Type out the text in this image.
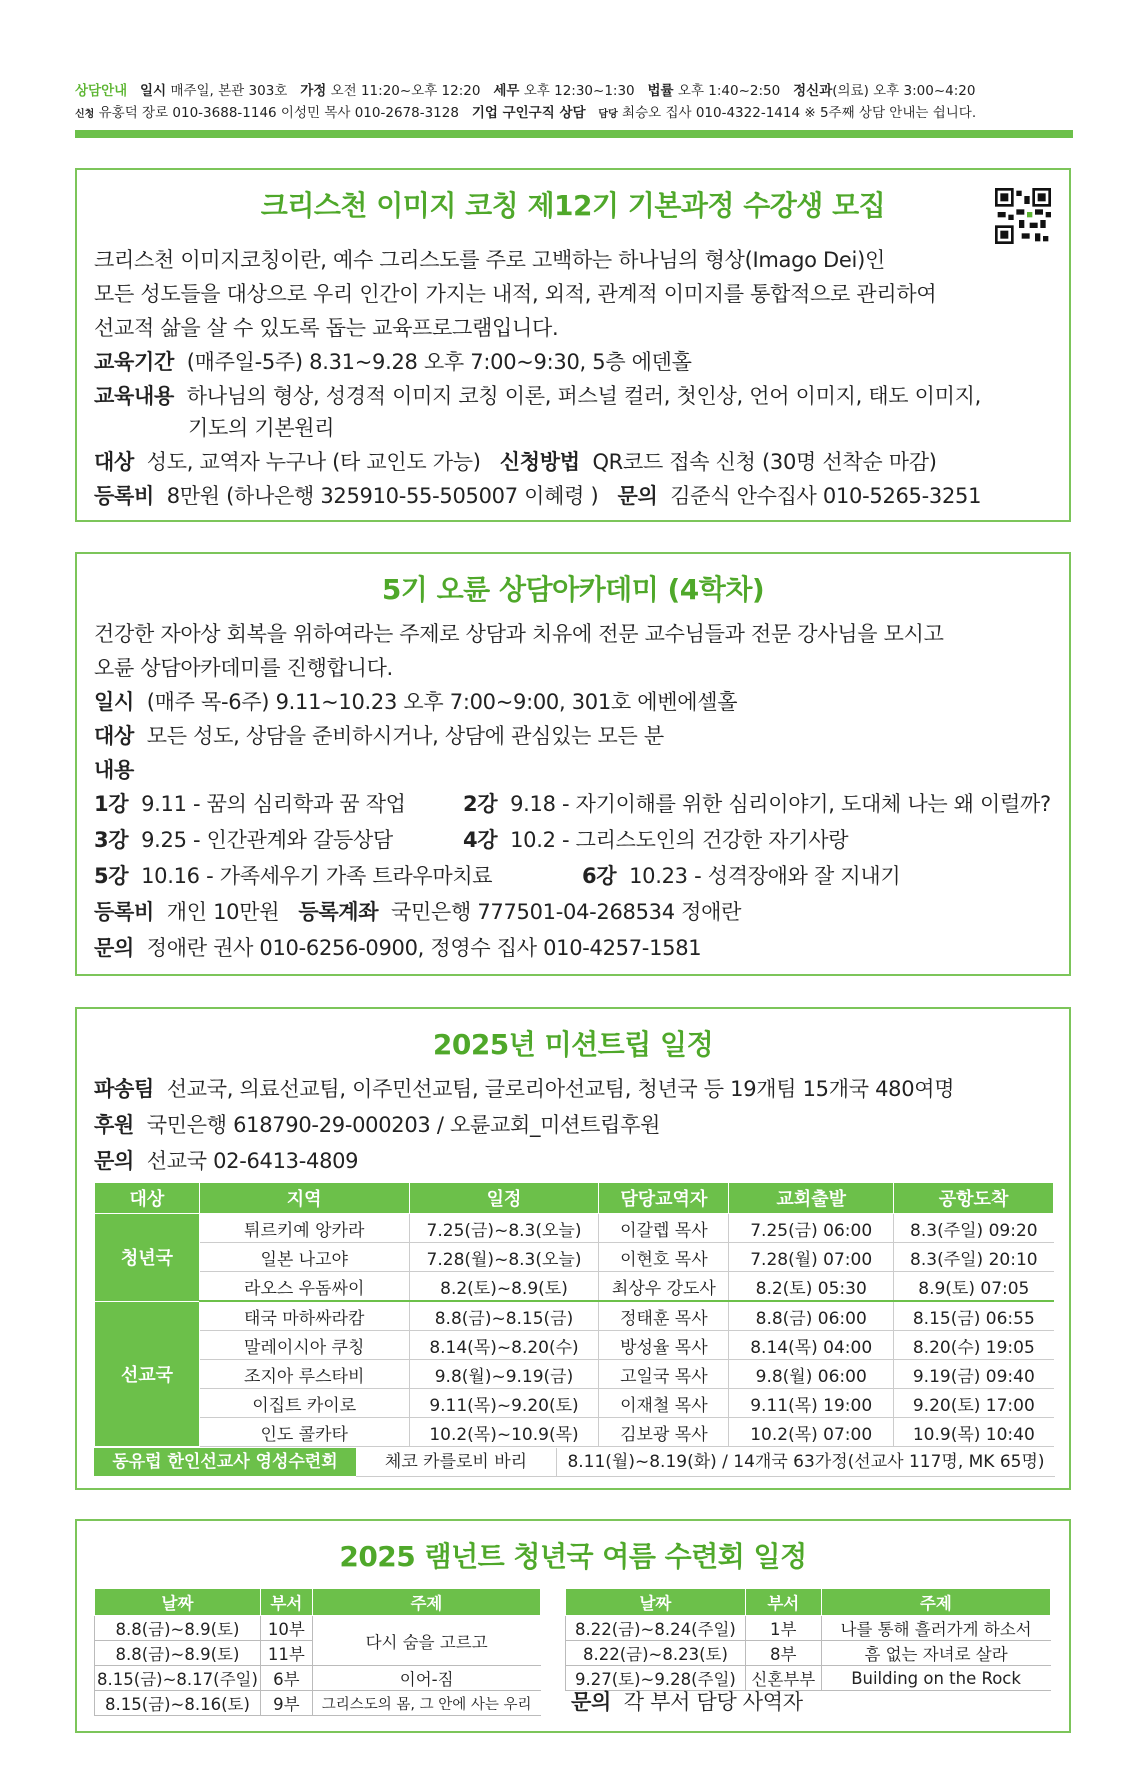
상담안내 일시 매주일, 본관 303호 가정 오전 11:20~오후 12:20 세무 오후 12:30~1:30 법률 오후 1:40~2:50 정신과(의료) 오후 3:00~4:20
신청 유홍덕 장로 010-3688-1146 이성민 목사 010-2678-3128 기업 구인구직 상담 담당 최승오 집사 010-4322-1414 ※ 5주째 상담 안내는 쉽니다.
크리스천 이미지 코칭 제12기 기본과정 수강생 모집
크리스천 이미지코칭이란, 예수 그리스도를 주로 고백하는 하나님의 형상(Imago Dei)인
모든 성도들을 대상으로 우리 인간이 가지는 내적, 외적, 관계적 이미지를 통합적으로 관리하여
선교적 삶을 살 수 있도록 돕는 교육프로그램입니다.
교육기간 (매주일-5주) 8.31~9.28 오후 7:00~9:30, 5층 에덴홀
교육내용 하나님의 형상, 성경적 이미지 코칭 이론, 퍼스널 컬러, 첫인상, 언어 이미지, 태도 이미지,
기도의 기본원리
대상 성도, 교역자 누구나 (타 교인도 가능) 신청방법 QR코드 접속 신청 (30명 선착순 마감)
등록비 8만원 (하나은행 325910-55-505007 이혜령 ) 문의 김준식 안수집사 010-5265-3251
5기 오륜 상담아카데미 (4학차)
건강한 자아상 회복을 위하여라는 주제로 상담과 치유에 전문 교수님들과 전문 강사님을 모시고
오륜 상담아카데미를 진행합니다.
일시 (매주 목-6주) 9.11~10.23 오후 7:00~9:00, 301호 에벤에셀홀
대상 모든 성도, 상담을 준비하시거나, 상담에 관심있는 모든 분
내용
1강 9.11 - 꿈의 심리학과 꿈 작업	2강 9.18 - 자기이해를 위한 심리이야기, 도대체 나는 왜 이럴까?
3강 9.25 - 인간관계와 갈등상담	4강 10.2 - 그리스도인의 건강한 자기사랑
5강 10.16 - 가족세우기 가족 트라우마치료	6강 10.23 - 성격장애와 잘 지내기
등록비 개인 10만원 등록계좌 국민은행 777501-04-268534 정애란
문의 정애란 권사 010-6256-0900, 정영수 집사 010-4257-1581
2025년 미션트립 일정
파송팀 선교국, 의료선교팀, 이주민선교팀, 글로리아선교팀, 청년국 등 19개팀 15개국 480여명
후원 국민은행 618790-29-000203 / 오륜교회_미션트립후원
문의 선교국 02-6413-4809
대상	지역	일정	담당교역자	교회출발	공항도착
청년국	튀르키예 앙카라	7.25(금)~8.3(오늘)	이갈렙 목사	7.25(금) 06:00	8.3(주일) 09:20
	일본 나고야	7.28(월)~8.3(오늘)	이현호 목사	7.28(월) 07:00	8.3(주일) 20:10
	라오스 우돔싸이	8.2(토)~8.9(토)	최상우 강도사	8.2(토) 05:30	8.9(토) 07:05
선교국	태국 마하싸라캄	8.8(금)~8.15(금)	정태훈 목사	8.8(금) 06:00	8.15(금) 06:55
	말레이시아 쿠칭	8.14(목)~8.20(수)	방성율 목사	8.14(목) 04:00	8.20(수) 19:05
	조지아 루스타비	9.8(월)~9.19(금)	고일국 목사	9.8(월) 06:00	9.19(금) 09:40
	이집트 카이로	9.11(목)~9.20(토)	이재철 목사	9.11(목) 19:00	9.20(토) 17:00
	인도 콜카타	10.2(목)~10.9(목)	김보광 목사	10.2(목) 07:00	10.9(목) 10:40
동유럽 한인선교사 영성수련회	체코 카를로비 바리	8.11(월)~8.19(화) / 14개국 63가정(선교사 117명, MK 65명)
2025 램넌트 청년국 여름 수련회 일정
날짜	부서	주제
8.8(금)~8.9(토)	10부	다시 숨을 고르고
8.8(금)~8.9(토)	11부	
8.15(금)~8.17(주일)	6부	이어-짐
8.15(금)~8.16(토)	9부	그리스도의 몸, 그 안에 사는 우리
날짜	부서	주제
8.22(금)~8.24(주일)	1부	나를 통해 흘러가게 하소서
8.22(금)~8.23(토)	8부	흠 없는 자녀로 살라
9.27(토)~9.28(주일)	신혼부부	Building on the Rock
문의 각 부서 담당 사역자
